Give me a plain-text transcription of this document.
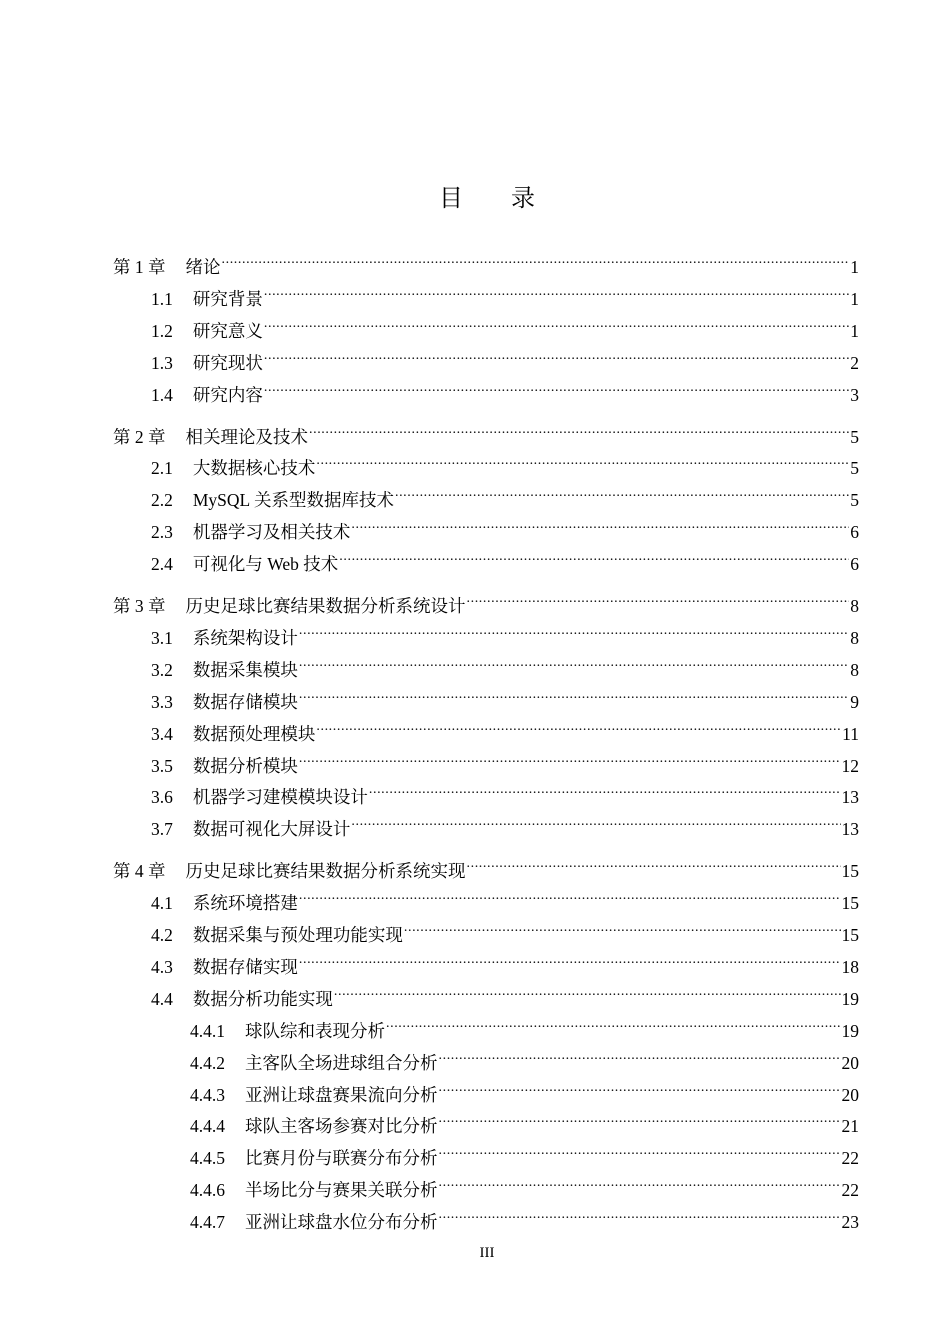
目 录
第 1 章 绪论 .....	1
1.1 研究背景 .....	1
1.2 研究意义 .....	1
1.3 研究现状 .....	2
1.4 研究内容 .....	3
第 2 章 相关理论及技术 .....	5
2.1 大数据核心技术 .....	5
2.2 MySQL 关系型数据库技术 .....	5
2.3 机器学习及相关技术 .....	6
2.4 可视化与 Web 技术 .....	6
第 3 章 历史足球比赛结果数据分析系统设计 .....	8
3.1 系统架构设计 .....	8
3.2 数据采集模块 .....	8
3.3 数据存储模块 .....	9
3.4 数据预处理模块 .....	11
3.5 数据分析模块 .....	12
3.6 机器学习建模模块设计 .....	13
3.7 数据可视化大屏设计 .....	13
第 4 章 历史足球比赛结果数据分析系统实现 .....	15
4.1 系统环境搭建 .....	15
4.2 数据采集与预处理功能实现 .....	15
4.3 数据存储实现 .....	18
4.4 数据分析功能实现 .....	19
4.4.1 球队综和表现分析 .....	19
4.4.2 主客队全场进球组合分析 .....	20
4.4.3 亚洲让球盘赛果流向分析 .....	20
4.4.4 球队主客场参赛对比分析 .....	21
4.4.5 比赛月份与联赛分布分析 .....	22
4.4.6 半场比分与赛果关联分析 .....	22
4.4.7 亚洲让球盘水位分布分析 .....	23
III
